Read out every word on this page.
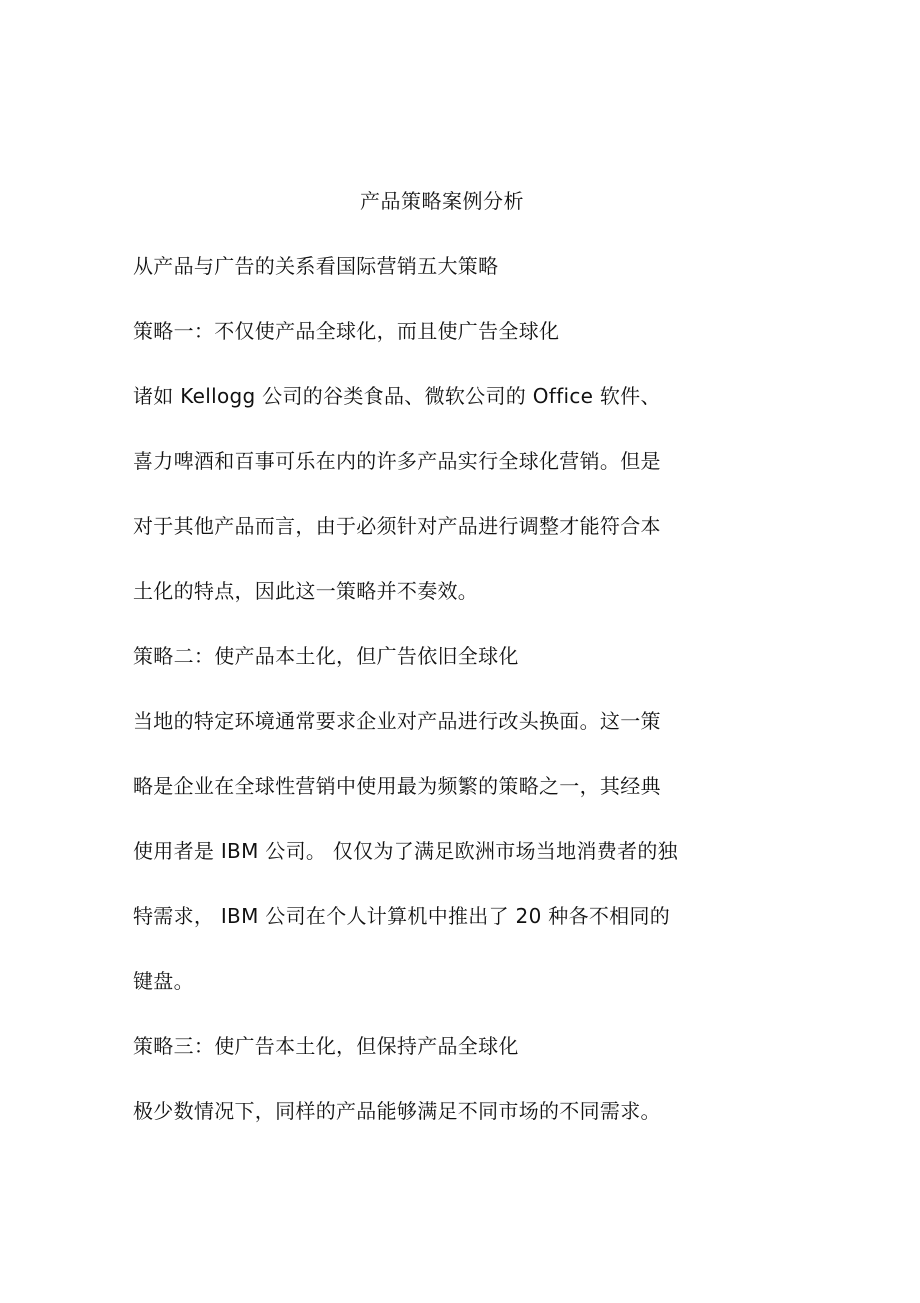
产品策略案例分析
从产品与广告的关系看国际营销五大策略
策略一：不仅使产品全球化，而且使广告全球化
诸如 Kellogg 公司的谷类食品、微软公司的 Office 软件、
喜力啤酒和百事可乐在内的许多产品实行全球化营销。但是
对于其他产品而言，由于必须针对产品进行调整才能符合本
土化的特点，因此这一策略并不奏效。
策略二：使产品本土化，但广告依旧全球化
当地的特定环境通常要求企业对产品进行改头换面。这一策
略是企业在全球性营销中使用最为频繁的策略之一，其经典
使用者是 IBM 公司。 仅仅为了满足欧洲市场当地消费者的独
特需求， IBM 公司在个人计算机中推出了 20 种各不相同的
键盘。
策略三：使广告本土化，但保持产品全球化
极少数情况下，同样的产品能够满足不同市场的不同需求。
